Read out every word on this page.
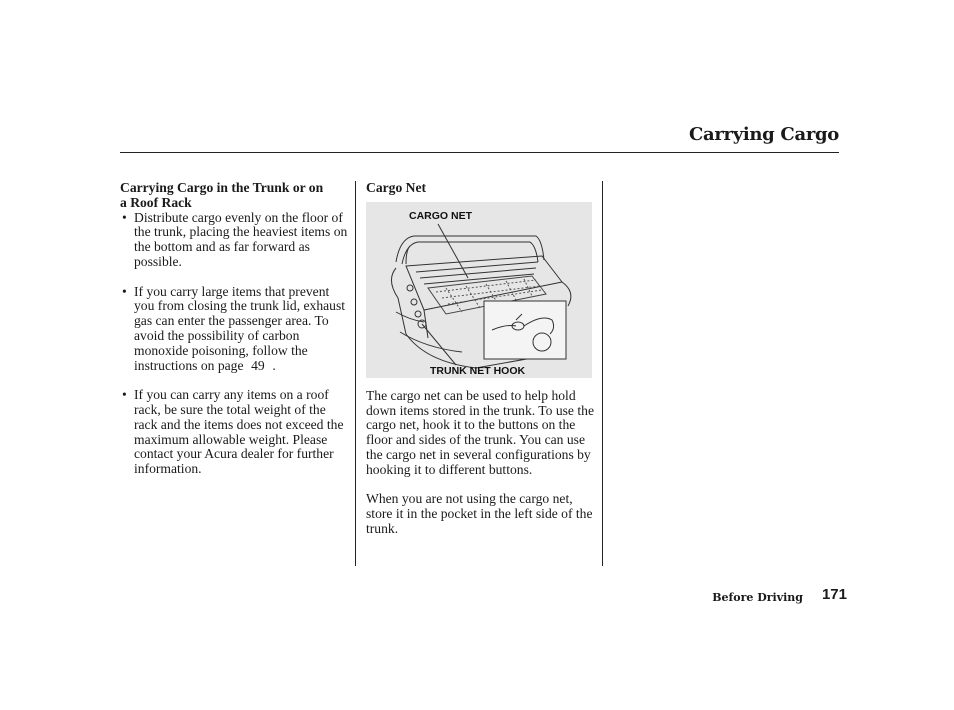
Carrying Cargo
Carrying Cargo in the Trunk or on
a Roof Rack
• Distribute cargo evenly on the floor of the trunk, placing the heaviest items on the bottom and as far forward as possible.
• If you carry large items that prevent you from closing the trunk lid, exhaust gas can enter the passenger area. To avoid the possibility of carbon monoxide poisoning, follow the instructions on page 49 .
• If you can carry any items on a roof rack, be sure the total weight of the rack and the items does not exceed the maximum allowable weight. Please contact your Acura dealer for further information.
Cargo Net
CARGO NET
TRUNK NET HOOK

The cargo net can be used to help hold down items stored in the trunk. To use the cargo net, hook it to the buttons on the floor and sides of the trunk. You can use the cargo net in several configurations by hooking it to different buttons.

When you are not using the cargo net, store it in the pocket in the left side of the trunk.

Before Driving 171
